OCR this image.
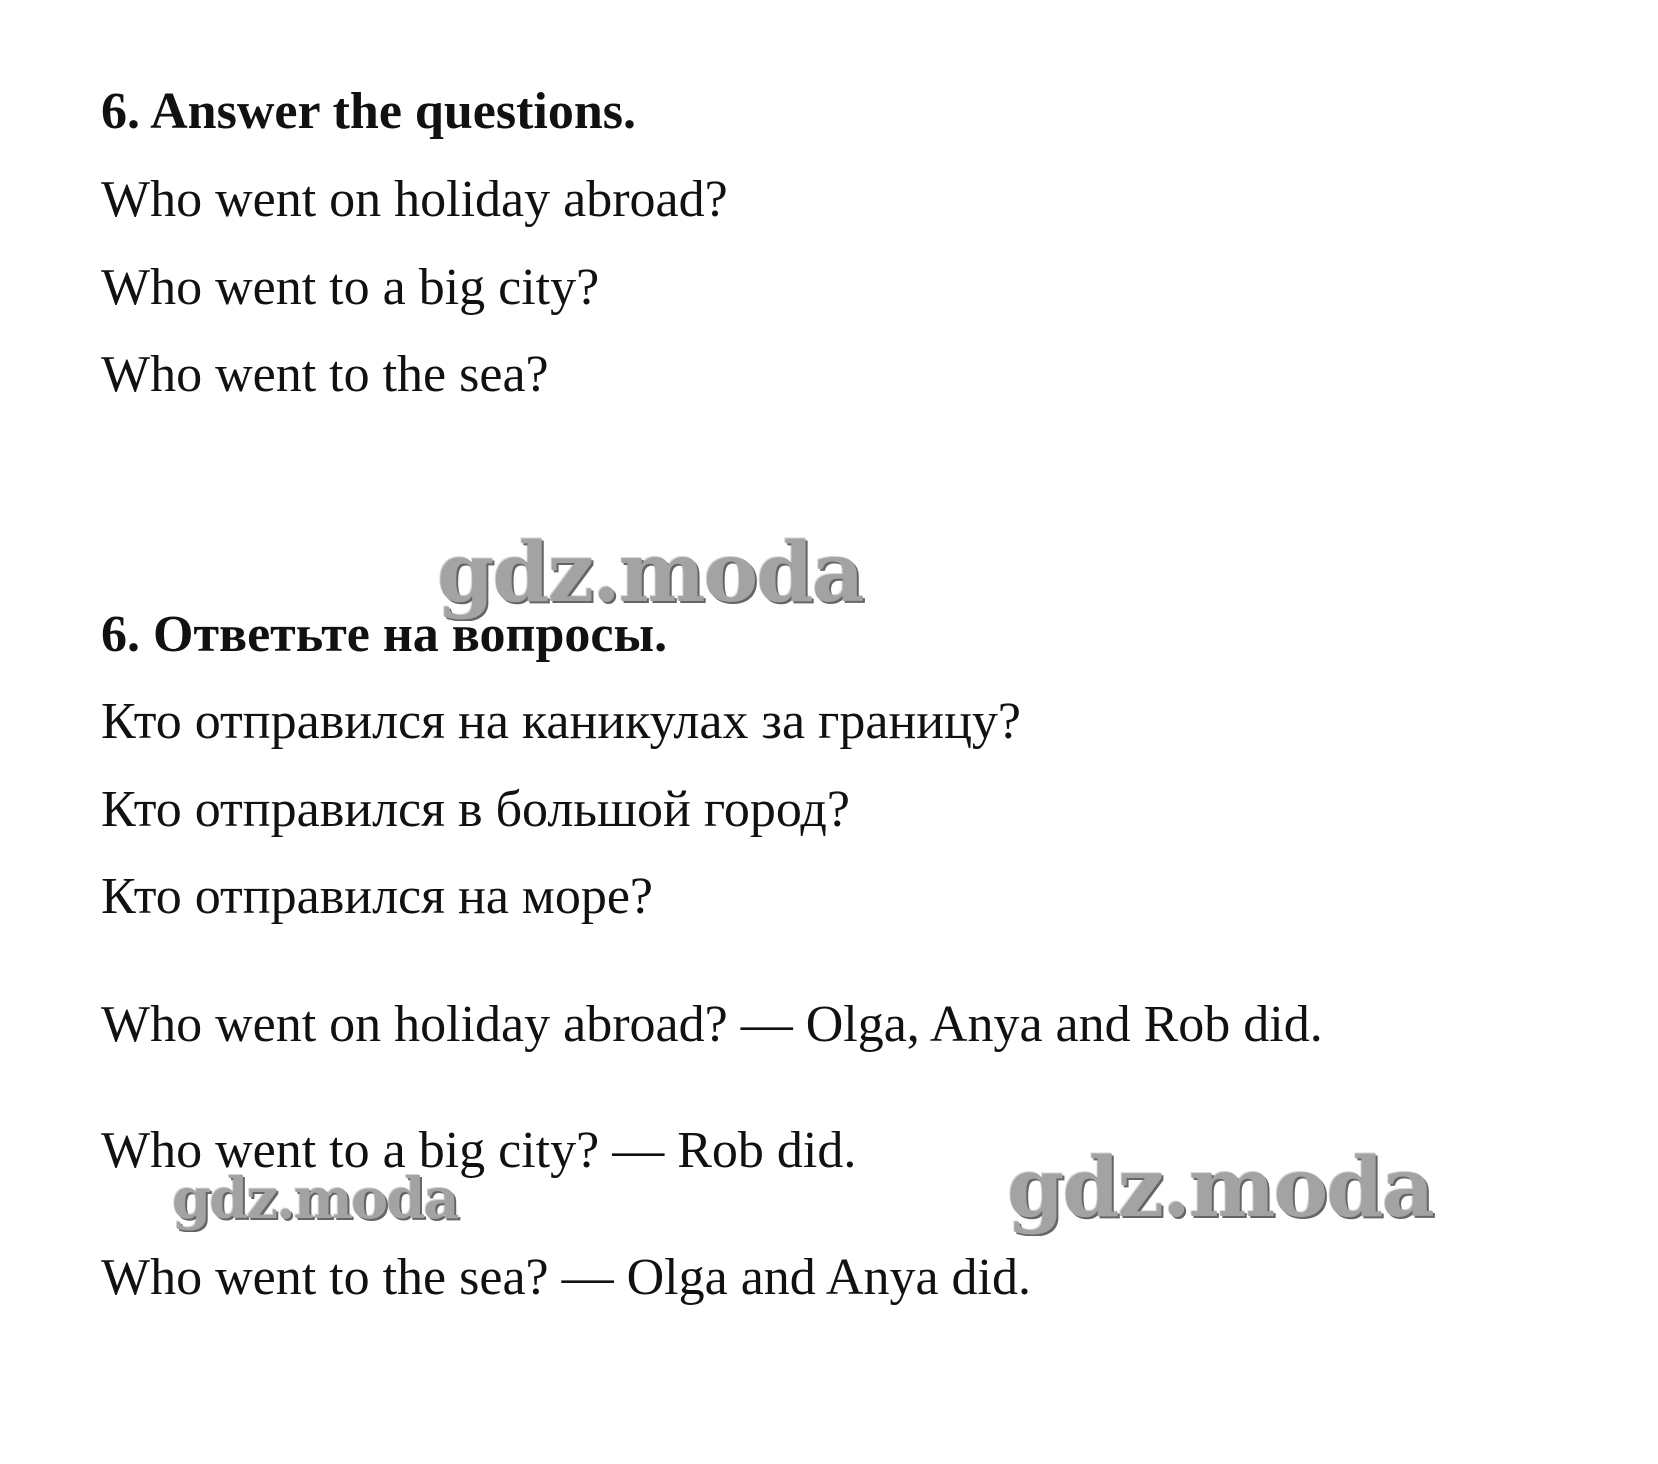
6. Answer the questions.

Who went on holiday abroad?

Who went to a big city?

Who went to the sea?

6. Ответьте на вопросы.

Кто отправился на каникулах за границу?

Кто отправился в большой город?

Кто отправился на море?

Who went on holiday abroad? — Olga, Anya and Rob did.

Who went to a big city? — Rob did.

Who went to the sea? — Olga and Anya did.

gdz.moda
gdz.moda	gdz.moda
